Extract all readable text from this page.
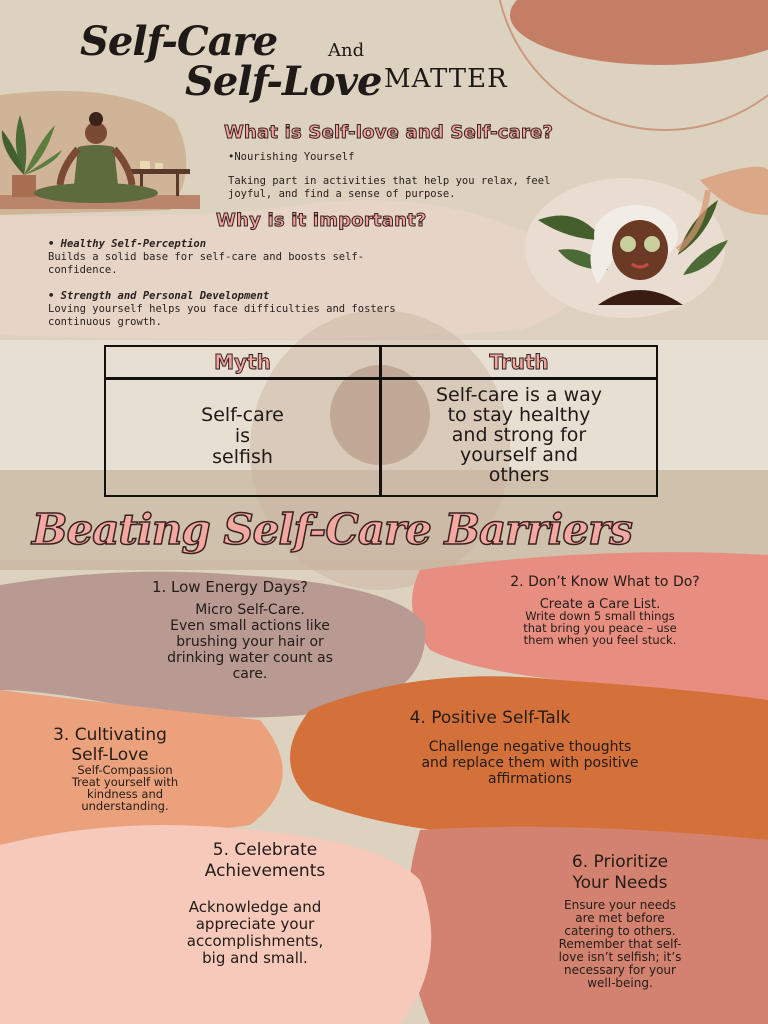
Self-Care	And
Self-Love MATTER
What is Self-love and Self-care?
•Nourishing Yourself
Taking part in activities that help you relax, feel
joyful, and find a sense of purpose.
Why is it important?
• Healthy Self-Perception
Builds a solid base for self-care and boosts self-
confidence.
• Strength and Personal Development
Loving yourself helps you face difficulties and fosters
continuous growth.
Myth	Truth
Self-care
is
selfish
Self-care is a way
to stay healthy
and strong for
yourself and
others
Beating Self-Care Barriers
1. Low Energy Days?
Micro Self-Care.
Even small actions like
brushing your hair or
drinking water count as
care.
2. Don’t Know What to Do?
Create a Care List.
Write down 5 small things
that bring you peace – use
them when you feel stuck.
3. Cultivating
Self-Love
Self-Compassion
Treat yourself with
kindness and
understanding.
4. Positive Self-Talk
Challenge negative thoughts
and replace them with positive
affirmations
5. Celebrate
Achievements
Acknowledge and
appreciate your
accomplishments,
big and small.
6. Prioritize
Your Needs
Ensure your needs
are met before
catering to others.
Remember that self-
love isn’t selfish; it’s
necessary for your
well-being.
